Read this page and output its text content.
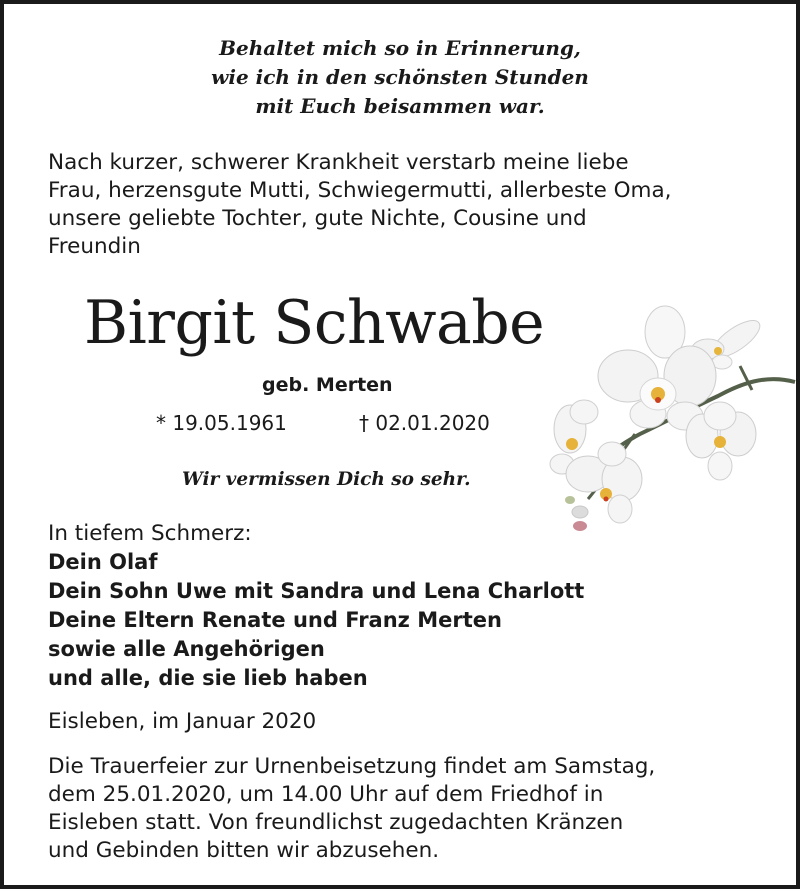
Behaltet mich so in Erinnerung,
wie ich in den schönsten Stunden
mit Euch beisammen war.
Nach kurzer, schwerer Krankheit verstarb meine liebe
Frau, herzensgute Mutti, Schwiegermutti, allerbeste Oma,
unsere geliebte Tochter, gute Nichte, Cousine und
Freundin
Birgit Schwabe
geb. Merten
* 19.05.1961	† 02.01.2020
Wir vermissen Dich so sehr.
In tiefem Schmerz:
Dein Olaf
Dein Sohn Uwe mit Sandra und Lena Charlott
Deine Eltern Renate und Franz Merten
sowie alle Angehörigen
und alle, die sie lieb haben
Eisleben, im Januar 2020
Die Trauerfeier zur Urnenbeisetzung findet am Samstag,
dem 25.01.2020, um 14.00 Uhr auf dem Friedhof in
Eisleben statt. Von freundlichst zugedachten Kränzen
und Gebinden bitten wir abzusehen.
